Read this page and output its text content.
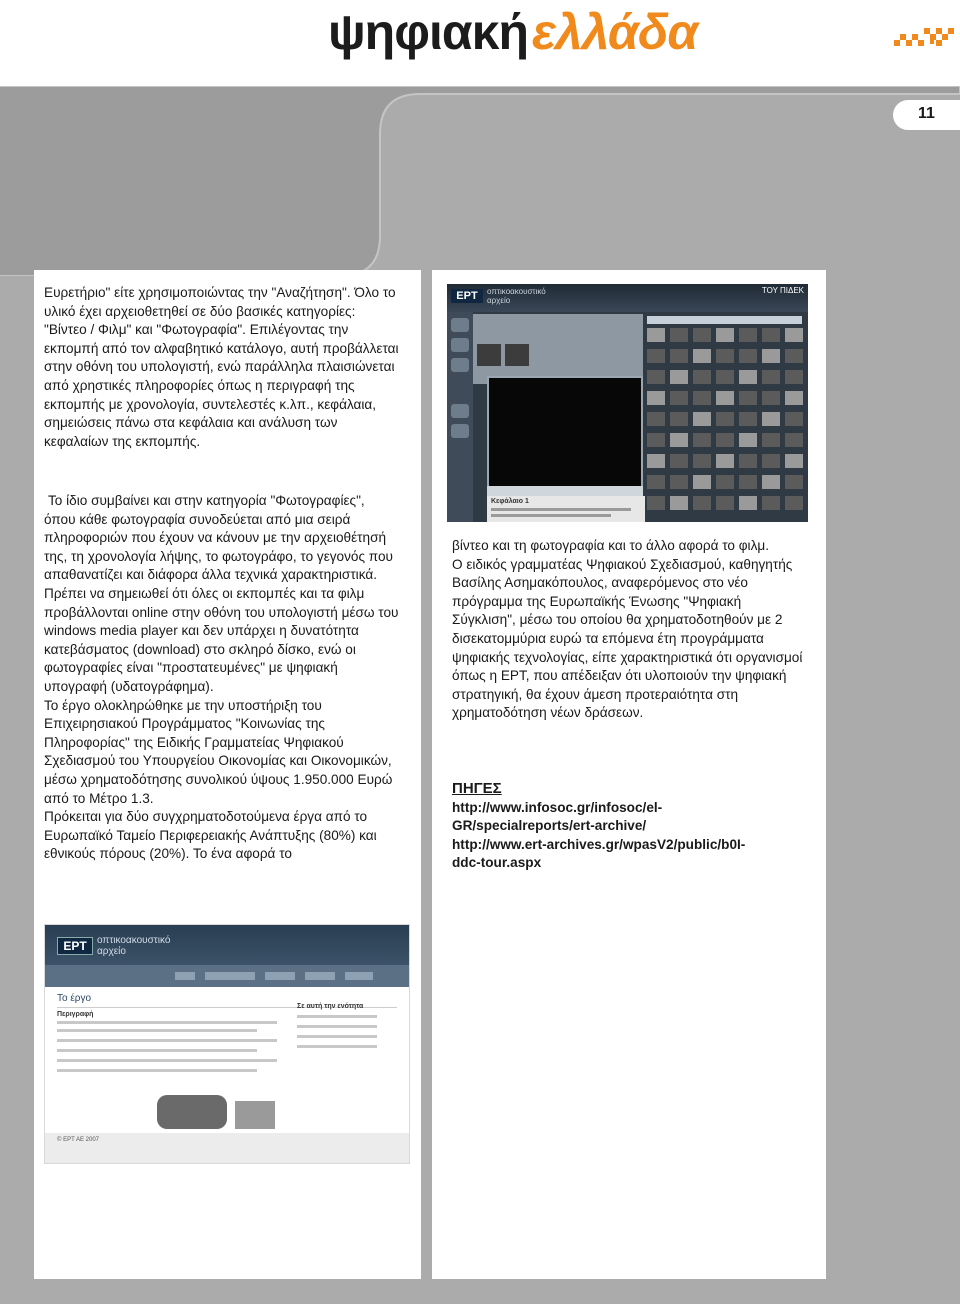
ψηφιακήελλάδα
11

Ευρετήριο" είτε χρησιμοποιώντας την "Αναζήτηση". Όλο το υλικό έχει αρχειοθετηθεί σε δύο βασικές κατηγορίες: "Βίντεο / Φιλμ" και "Φωτογραφία". Επιλέγοντας την εκπομπή από τον αλφαβητικό κατάλογο, αυτή προβάλλεται στην οθόνη του υπολογιστή, ενώ παράλληλα πλαισιώνεται από χρηστικές πληροφορίες όπως η περιγραφή της εκπομπής με χρονολογία, συντελεστές κ.λπ., κεφάλαια, σημειώσεις πάνω στα κεφάλαια και ανάλυση των κεφαλαίων της εκπομπής.

Το ίδιο συμβαίνει και στην κατηγορία "Φωτογραφίες", όπου κάθε φωτογραφία συνοδεύεται από μια σειρά πληροφοριών που έχουν να κάνουν με την αρχειοθέτησή της, τη χρονολογία λήψης, το φωτογράφο, το γεγονός που απαθανατίζει και διάφορα άλλα τεχνικά χαρακτηριστικά.

Πρέπει να σημειωθεί ότι όλες οι εκπομπές και τα φιλμ προβάλλονται online στην οθόνη του υπολογιστή μέσω του windows media player και δεν υπάρχει η δυνατότητα κατεβάσματος (download) στο σκληρό δίσκο, ενώ οι φωτογραφίες είναι "προστατευμένες" με ψηφιακή υπογραφή (υδατογράφημα).

Το έργο ολοκληρώθηκε με την υποστήριξη του Επιχειρησιακού Προγράμματος "Κοινωνίας της Πληροφορίας" της Ειδικής Γραμματείας Ψηφιακού Σχεδιασμού του Υπουργείου Οικονομίας και Οικονομικών, μέσω χρηματοδότησης συνολικού ύψους 1.950.000 Ευρώ από το Μέτρο 1.3.

Πρόκειται για δύο συγχρηματοδοτούμενα έργα από το Ευρωπαϊκό Ταμείο Περιφερειακής Ανάπτυξης (80%) και εθνικούς πόρους (20%). Το ένα αφορά το

ΕΡΤ	οπτικοακουστικό
αρχείο
ΤΟΥ ΠΙΔΕΚ
Κεφάλαιο 1

βίντεο και τη φωτογραφία και το άλλο αφορά το φιλμ.

Ο ειδικός γραμματέας Ψηφιακού Σχεδιασμού, καθηγητής Βασίλης Ασημακόπουλος, αναφερόμενος στο νέο πρόγραμμα της Ευρωπαϊκής Ένωσης "Ψηφιακή Σύγκλιση", μέσω του οποίου θα χρηματοδοτηθούν με 2 δισεκατομμύρια ευρώ τα επόμενα έτη προγράμματα ψηφιακής τεχνολογίας, είπε χαρακτηριστικά ότι οργανισμοί όπως η ΕΡΤ, που απέδειξαν ότι υλοποιούν την ψηφιακή στρατηγική, θα έχουν άμεση προτεραιότητα στη χρηματοδότηση νέων δράσεων.

ΠΗΓΕΣ
http://www.infosoc.gr/infosoc/el-
GR/specialreports/ert-archive/
http://www.ert-archives.gr/wpasV2/public/b0I-
ddc-tour.aspx
ΕΡΤ	οπτικοακουστικό
αρχείο
Το έργο
Περιγραφή
Σε αυτή την ενότητα
© ΕΡΤ ΑΕ 2007
